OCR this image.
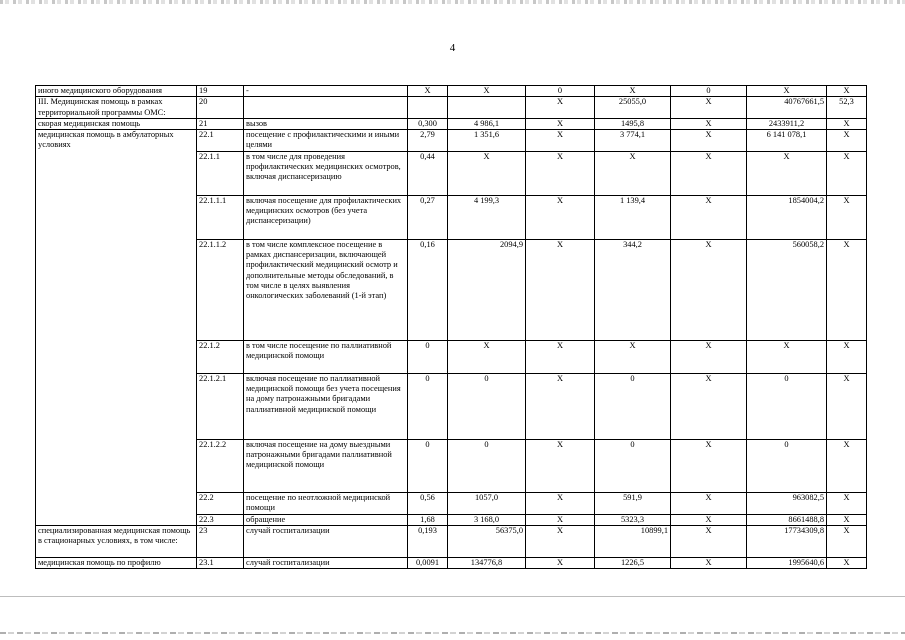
4
иного медицинского оборудования	19	-	X	X	0	X	0	X	X
III. Медицинская помощь в рамках территориальной программы ОМС:	20				X	25055,0	X	40767661,5	52,3
скорая медицинская помощь	21	вызов	0,300	4 986,1	X	1495,8	X	2433911,2	X
медицинская помощь в амбулаторных условиях	22.1	посещение с профилактическими и иными целями	2,79	1 351,6	X	3 774,1	X	6 141 078,1	X
	22.1.1	в том числе для проведения профилактических медицинских осмотров, включая диспансеризацию	0,44	X	X	X	X	X	X
	22.1.1.1	включая посещение для профилактических медицинских осмотров (без учета диспансеризации)	0,27	4 199,3	X	1 139,4	X	1854004,2	X
	22.1.1.2	в том числе комплексное посещение в рамках диспансеризации, включающей профилактический медицинский осмотр и дополнительные методы обследований, в том числе в целях выявления онкологических заболеваний (1-й этап)	0,16	2094,9	X	344,2	X	560058,2	X
	22.1.2	в том числе посещение по паллиативной медицинской помощи	0	X	X	X	X	X	X
	22.1.2.1	включая посещение по паллиативной медицинской помощи без учета посещения на дому патронажными бригадами паллиативной медицинской помощи	0	0	X	0	X	0	X
	22.1.2.2	включая посещение на дому выездными патронажными бригадами паллиативной медицинской помощи	0	0	X	0	X	0	X
	22.2	посещение по неотложной медицинской помощи	0,56	1057,0	X	591,9	X	963082,5	X
	22.3	обращение	1,68	3 168,0	X	5323,3	X	8661488,8	X
специализированная медицинская помощь в стационарных условиях, в том числе:	23	случай госпитализации	0,193	56375,0	X	10899,1	X	17734309,8	X
медицинская помощь по профилю	23.1	случай госпитализации	0,0091	134776,8	X	1226,5	X	1995640,6	X
